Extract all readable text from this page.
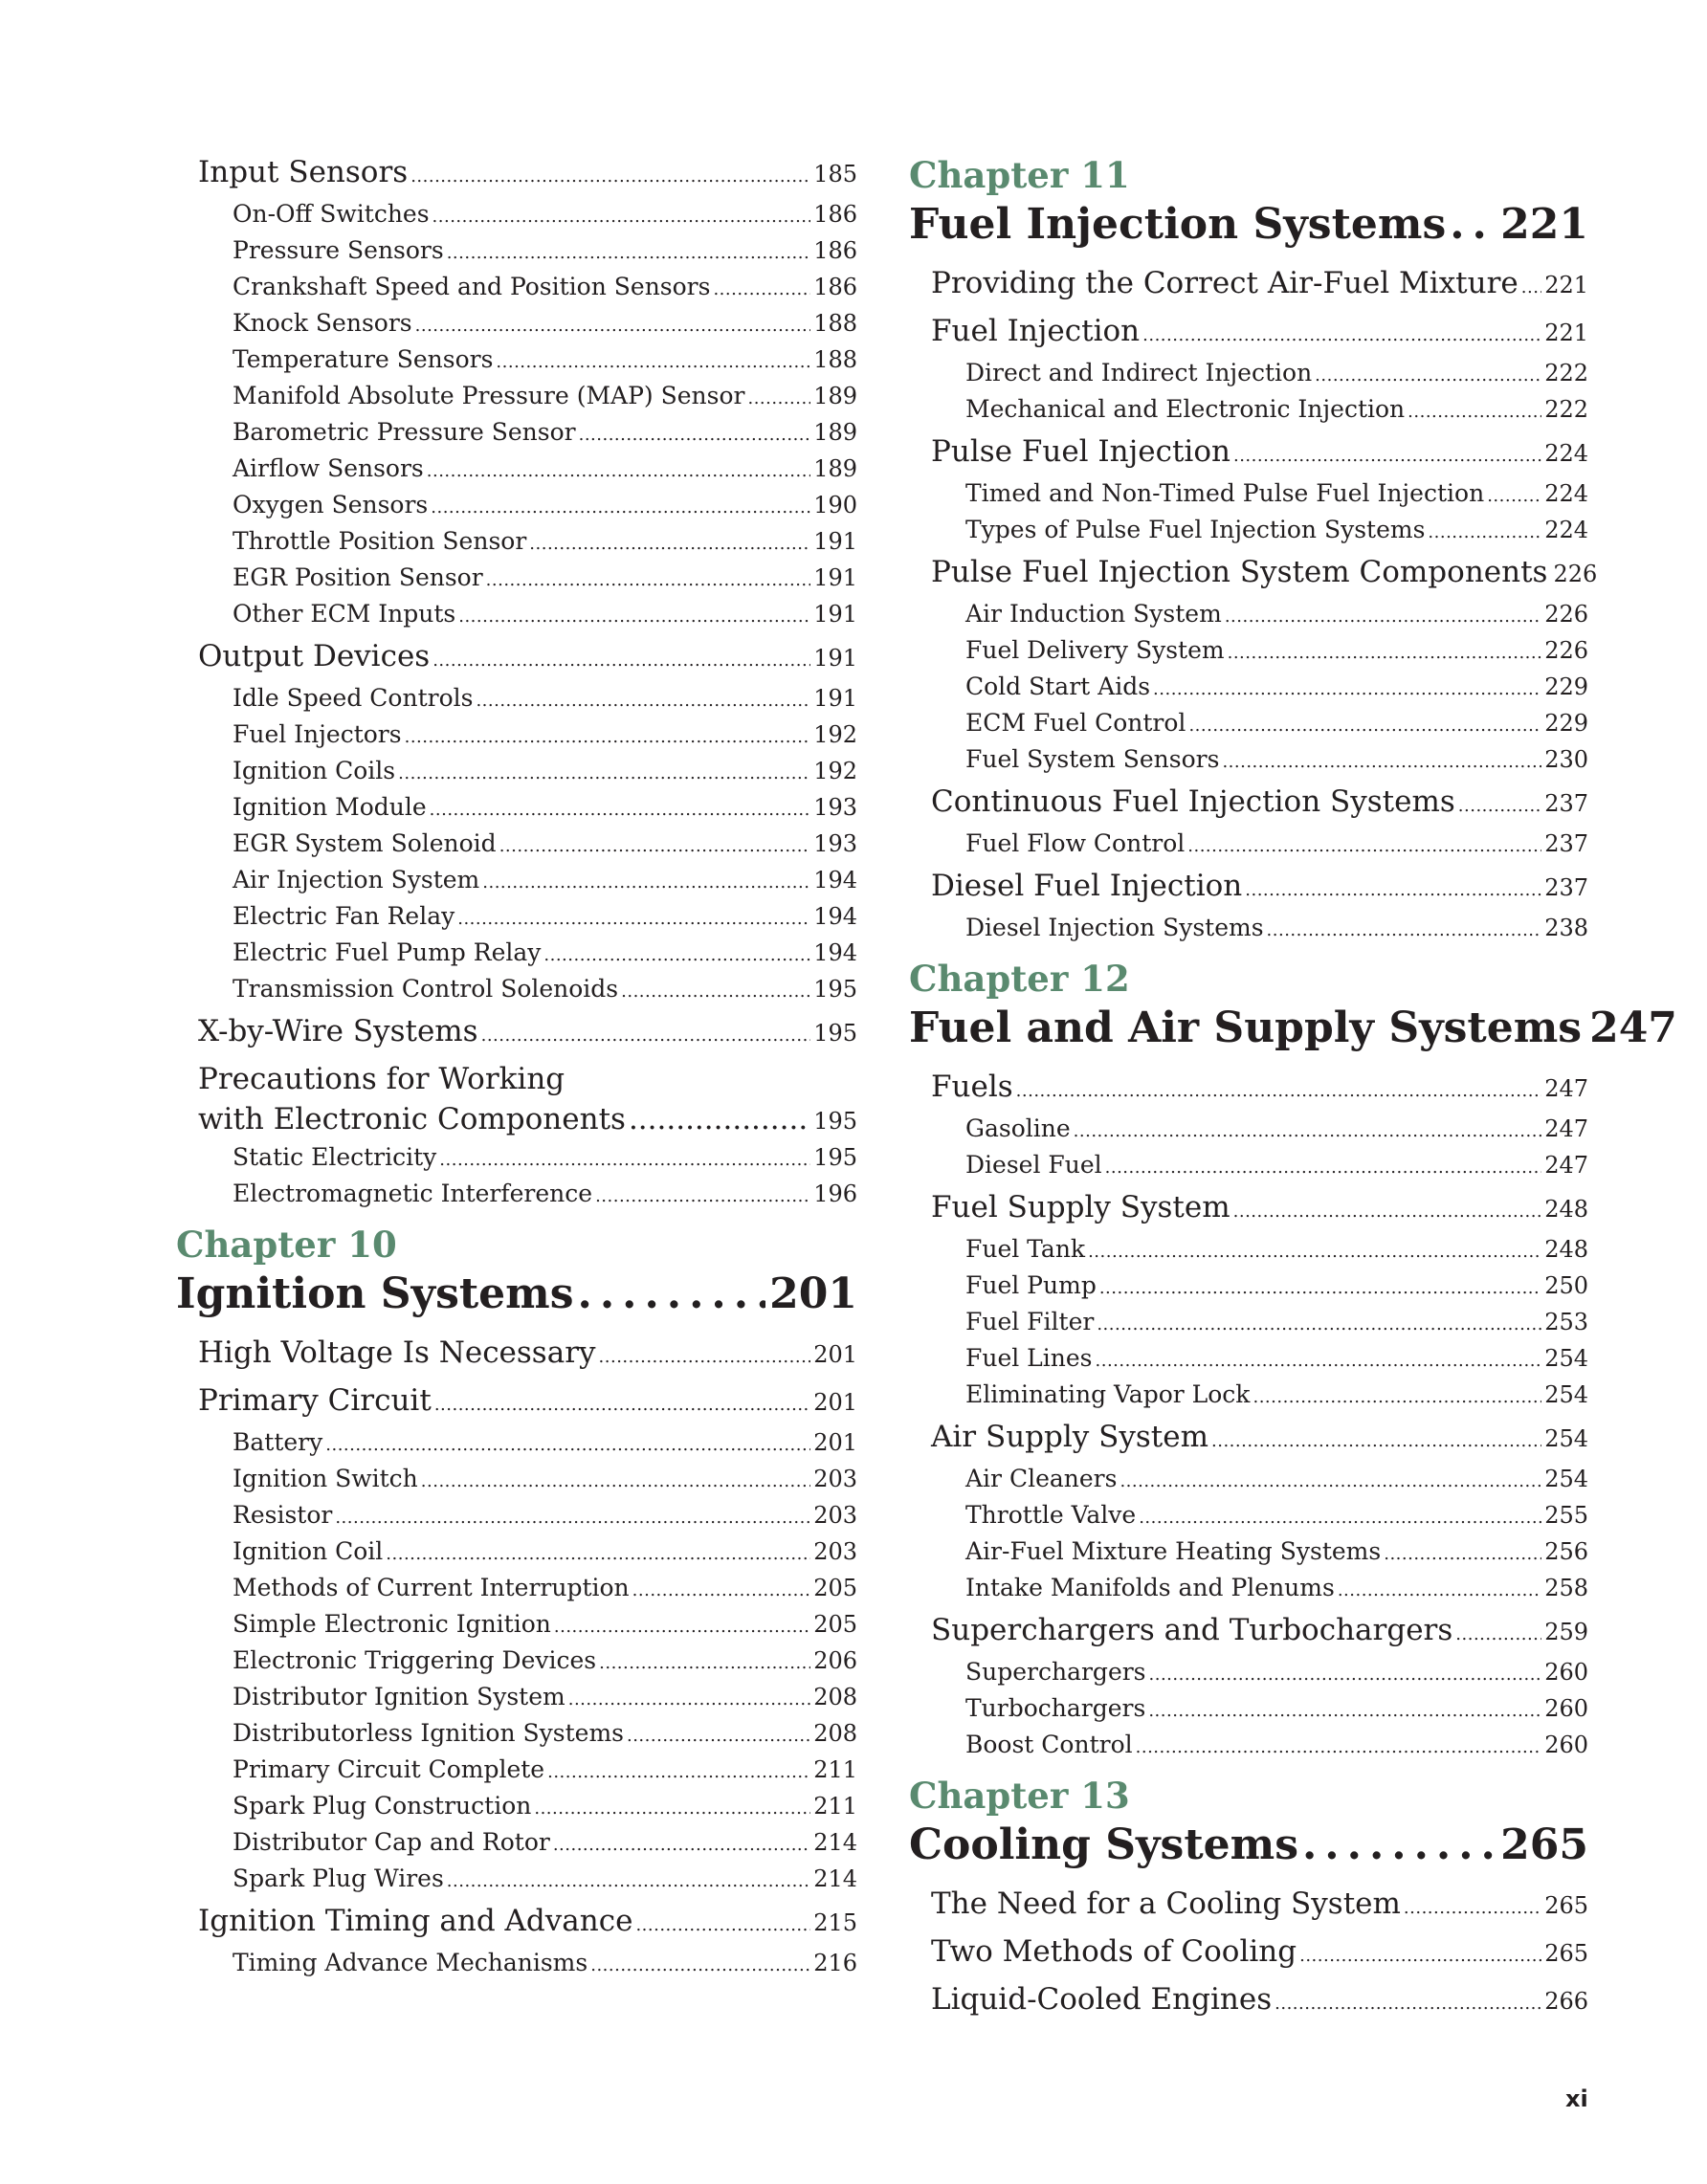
Input Sensors .....	185
On-Off Switches .....	186
Pressure Sensors .....	186
Crankshaft Speed and Position Sensors .....	186
Knock Sensors .....	188
Temperature Sensors .....	188
Manifold Absolute Pressure (MAP) Sensor .....	189
Barometric Pressure Sensor .....	189
Airflow Sensors .....	189
Oxygen Sensors .....	190
Throttle Position Sensor .....	191
EGR Position Sensor .....	191
Other ECM Inputs .....	191
Output Devices .....	191
Idle Speed Controls .....	191
Fuel Injectors .....	192
Ignition Coils .....	192
Ignition Module .....	193
EGR System Solenoid .....	193
Air Injection System .....	194
Electric Fan Relay .....	194
Electric Fuel Pump Relay .....	194
Transmission Control Solenoids .....	195
X-by-Wire Systems .....	195
Precautions for Working
with Electronic Components .....	195
Static Electricity .....	195
Electromagnetic Interference .....	196
Chapter 10
Ignition Systems .....	201
High Voltage Is Necessary .....	201
Primary Circuit .....	201
Battery .....	201
Ignition Switch .....	203
Resistor .....	203
Ignition Coil .....	203
Methods of Current Interruption .....	205
Simple Electronic Ignition .....	205
Electronic Triggering Devices .....	206
Distributor Ignition System .....	208
Distributorless Ignition Systems .....	208
Primary Circuit Complete .....	211
Spark Plug Construction .....	211
Distributor Cap and Rotor .....	214
Spark Plug Wires .....	214
Ignition Timing and Advance .....	215
Timing Advance Mechanisms .....	216
Chapter 11
Fuel Injection Systems ..... 221
Providing the Correct Air-Fuel Mixture ..... 221
Fuel Injection .....	221
Direct and Indirect Injection .....	222
Mechanical and Electronic Injection .....	222
Pulse Fuel Injection .....	224
Timed and Non-Timed Pulse Fuel Injection .....	224
Types of Pulse Fuel Injection Systems .....	224
Pulse Fuel Injection System Components 226
Air Induction System .....	226
Fuel Delivery System .....	226
Cold Start Aids .....	229
ECM Fuel Control .....	229
Fuel System Sensors .....	230
Continuous Fuel Injection Systems .....	237
Fuel Flow Control .....	237
Diesel Fuel Injection .....	237
Diesel Injection Systems .....	238
Chapter 12
Fuel and Air Supply Systems 247
Fuels .....	247
Gasoline .....	247
Diesel Fuel .....	247
Fuel Supply System .....	248
Fuel Tank .....	248
Fuel Pump .....	250
Fuel Filter .....	253
Fuel Lines .....	254
Eliminating Vapor Lock .....	254
Air Supply System .....	254
Air Cleaners .....	254
Throttle Valve .....	255
Air-Fuel Mixture Heating Systems .....	256
Intake Manifolds and Plenums .....	258
Superchargers and Turbochargers .....	259
Superchargers .....	260
Turbochargers .....	260
Boost Control .....	260
Chapter 13
Cooling Systems .....	265
The Need for a Cooling System .....	265
Two Methods of Cooling .....	265
Liquid-Cooled Engines .....	266
xi
